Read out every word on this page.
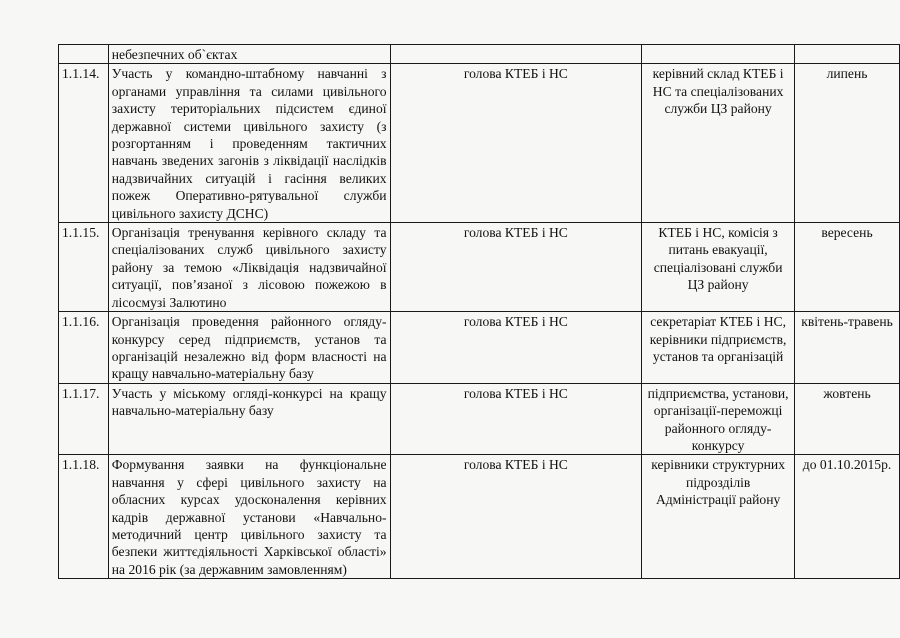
	небезпечних об`єктах			
1.1.14.	Участь у командно-штабному навчанні з органами управління та силами цивільного захисту територіальних підсистем єдиної державної системи цивільного захисту (з розгортанням і проведенням тактичних навчань зведених загонів з ліквідації наслідків надзвичайних ситуацій і гасіння великих пожеж Оперативно-рятувальної служби цивільного захисту ДСНС)	голова КТЕБ і НС	керівний склад КТЕБ і НС та спеціалізованих служби ЦЗ району	липень
1.1.15.	Організація тренування керівного складу та спеціалізованих служб цивільного захисту району за темою «Ліквідація надзвичайної ситуації, пов’язаної з лісовою пожежою в лісосмузі Залютино	голова КТЕБ і НС	КТЕБ і НС, комісія з питань евакуації, спеціалізовані служби ЦЗ району	вересень
1.1.16.	Організація проведення районного огляду-конкурсу серед підприємств, установ та організацій незалежно від форм власності на кращу навчально-матеріальну базу	голова КТЕБ і НС	секретаріат КТЕБ і НС, керівники підприємств, установ та організацій	квітень-травень
1.1.17.	Участь у міському огляді-конкурсі на кращу навчально-матеріальну базу	голова КТЕБ і НС	підприємства, установи, організації-переможці районного огляду-конкурсу	жовтень
1.1.18.	Формування заявки на функціональне навчання у сфері цивільного захисту на обласних курсах удосконалення керівних кадрів державної установи «Навчально-методичний центр цивільного захисту та безпеки життєдіяльності Харківської області» на 2016 рік (за державним замовленням)	голова КТЕБ і НС	керівники структурних підрозділів Адміністрації району	до 01.10.2015р.
